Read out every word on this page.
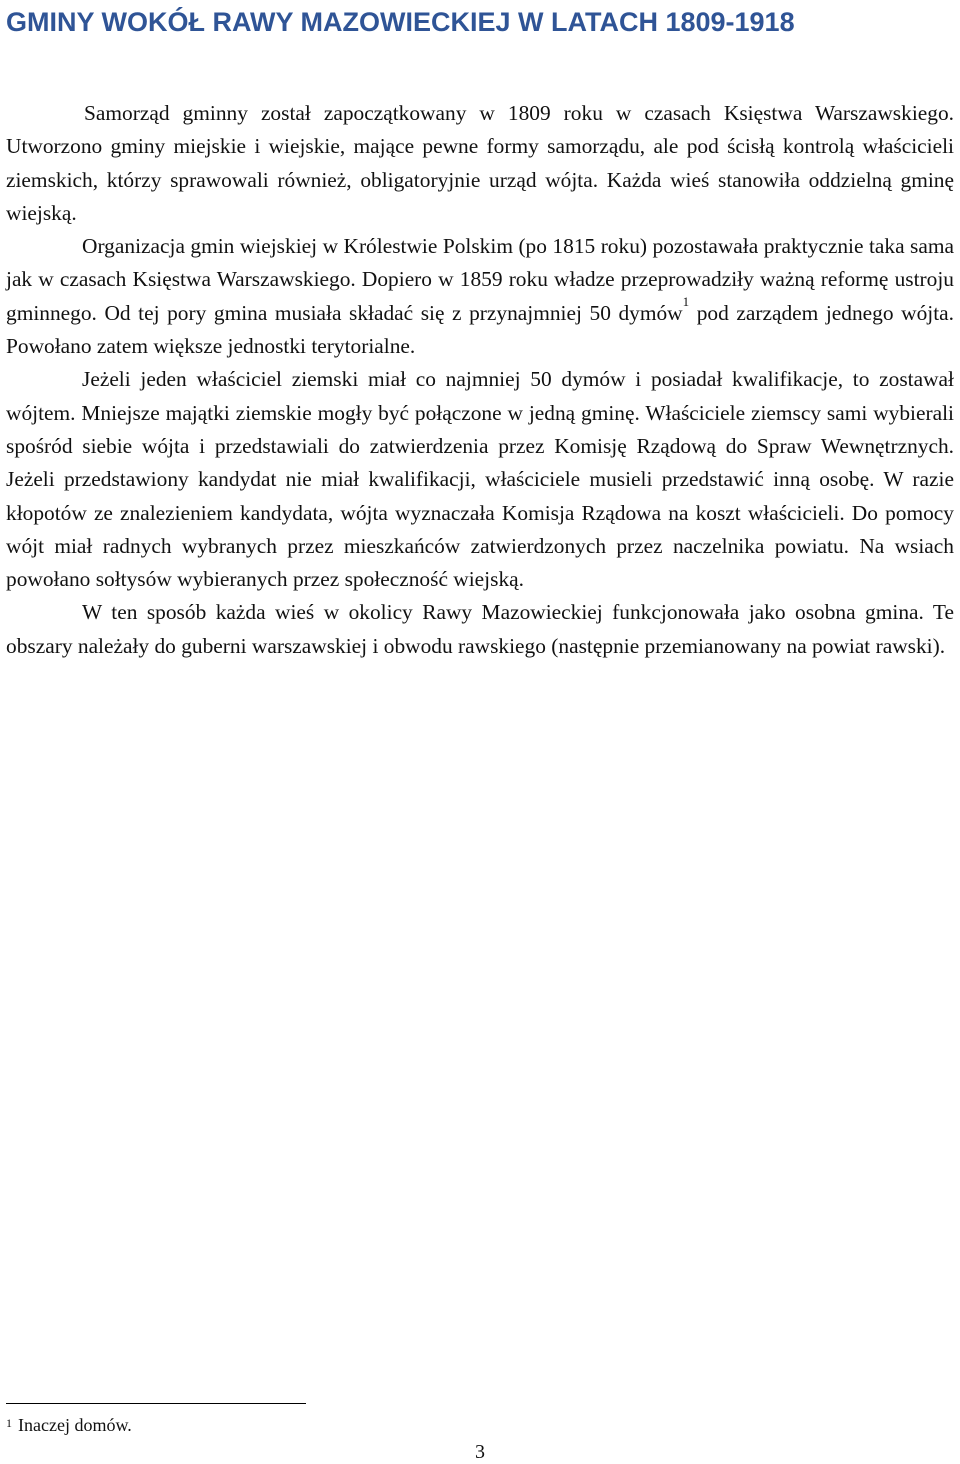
GMINY WOKÓŁ RAWY MAZOWIECKIEJ W LATACH 1809-1918

Samorząd gminny został zapoczątkowany w 1809 roku w czasach Księstwa Warszawskiego. Utworzono gminy miejskie i wiejskie, mające pewne formy samorządu, ale pod ścisłą kontrolą właścicieli ziemskich, którzy sprawowali również, obligatoryjnie urząd wójta. Każda wieś stanowiła oddzielną gminę wiejską.

Organizacja gmin wiejskiej w Królestwie Polskim (po 1815 roku) pozostawała praktycznie taka sama jak w czasach Księstwa Warszawskiego. Dopiero w 1859 roku władze przeprowadziły ważną reformę ustroju gminnego. Od tej pory gmina musiała składać się z przynajmniej 50 dymów$^1$ pod zarządem jednego wójta. Powołano zatem większe jednostki terytorialne.

Jeżeli jeden właściciel ziemski miał co najmniej 50 dymów i posiadał kwalifikacje, to zostawał wójtem. Mniejsze majątki ziemskie mogły być połączone w jedną gminę. Właściciele ziemscy sami wybierali spośród siebie wójta i przedstawiali do zatwierdzenia przez Komisję Rządową do Spraw Wewnętrznych. Jeżeli przedstawiony kandydat nie miał kwalifikacji, właściciele musieli przedstawić inną osobę. W razie kłopotów ze znalezieniem kandydata, wójta wyznaczała Komisja Rządowa na koszt właścicieli. Do pomocy wójt miał radnych wybranych przez mieszkańców zatwierdzonych przez naczelnika powiatu. Na wsiach powołano sołtysów wybieranych przez społeczność wiejską.

W ten sposób każda wieś w okolicy Rawy Mazowieckiej funkcjonowała jako osobna gmina. Te obszary należały do guberni warszawskiej i obwodu rawskiego (następnie przemianowany na powiat rawski).

$^1$ Inaczej domów.
3
